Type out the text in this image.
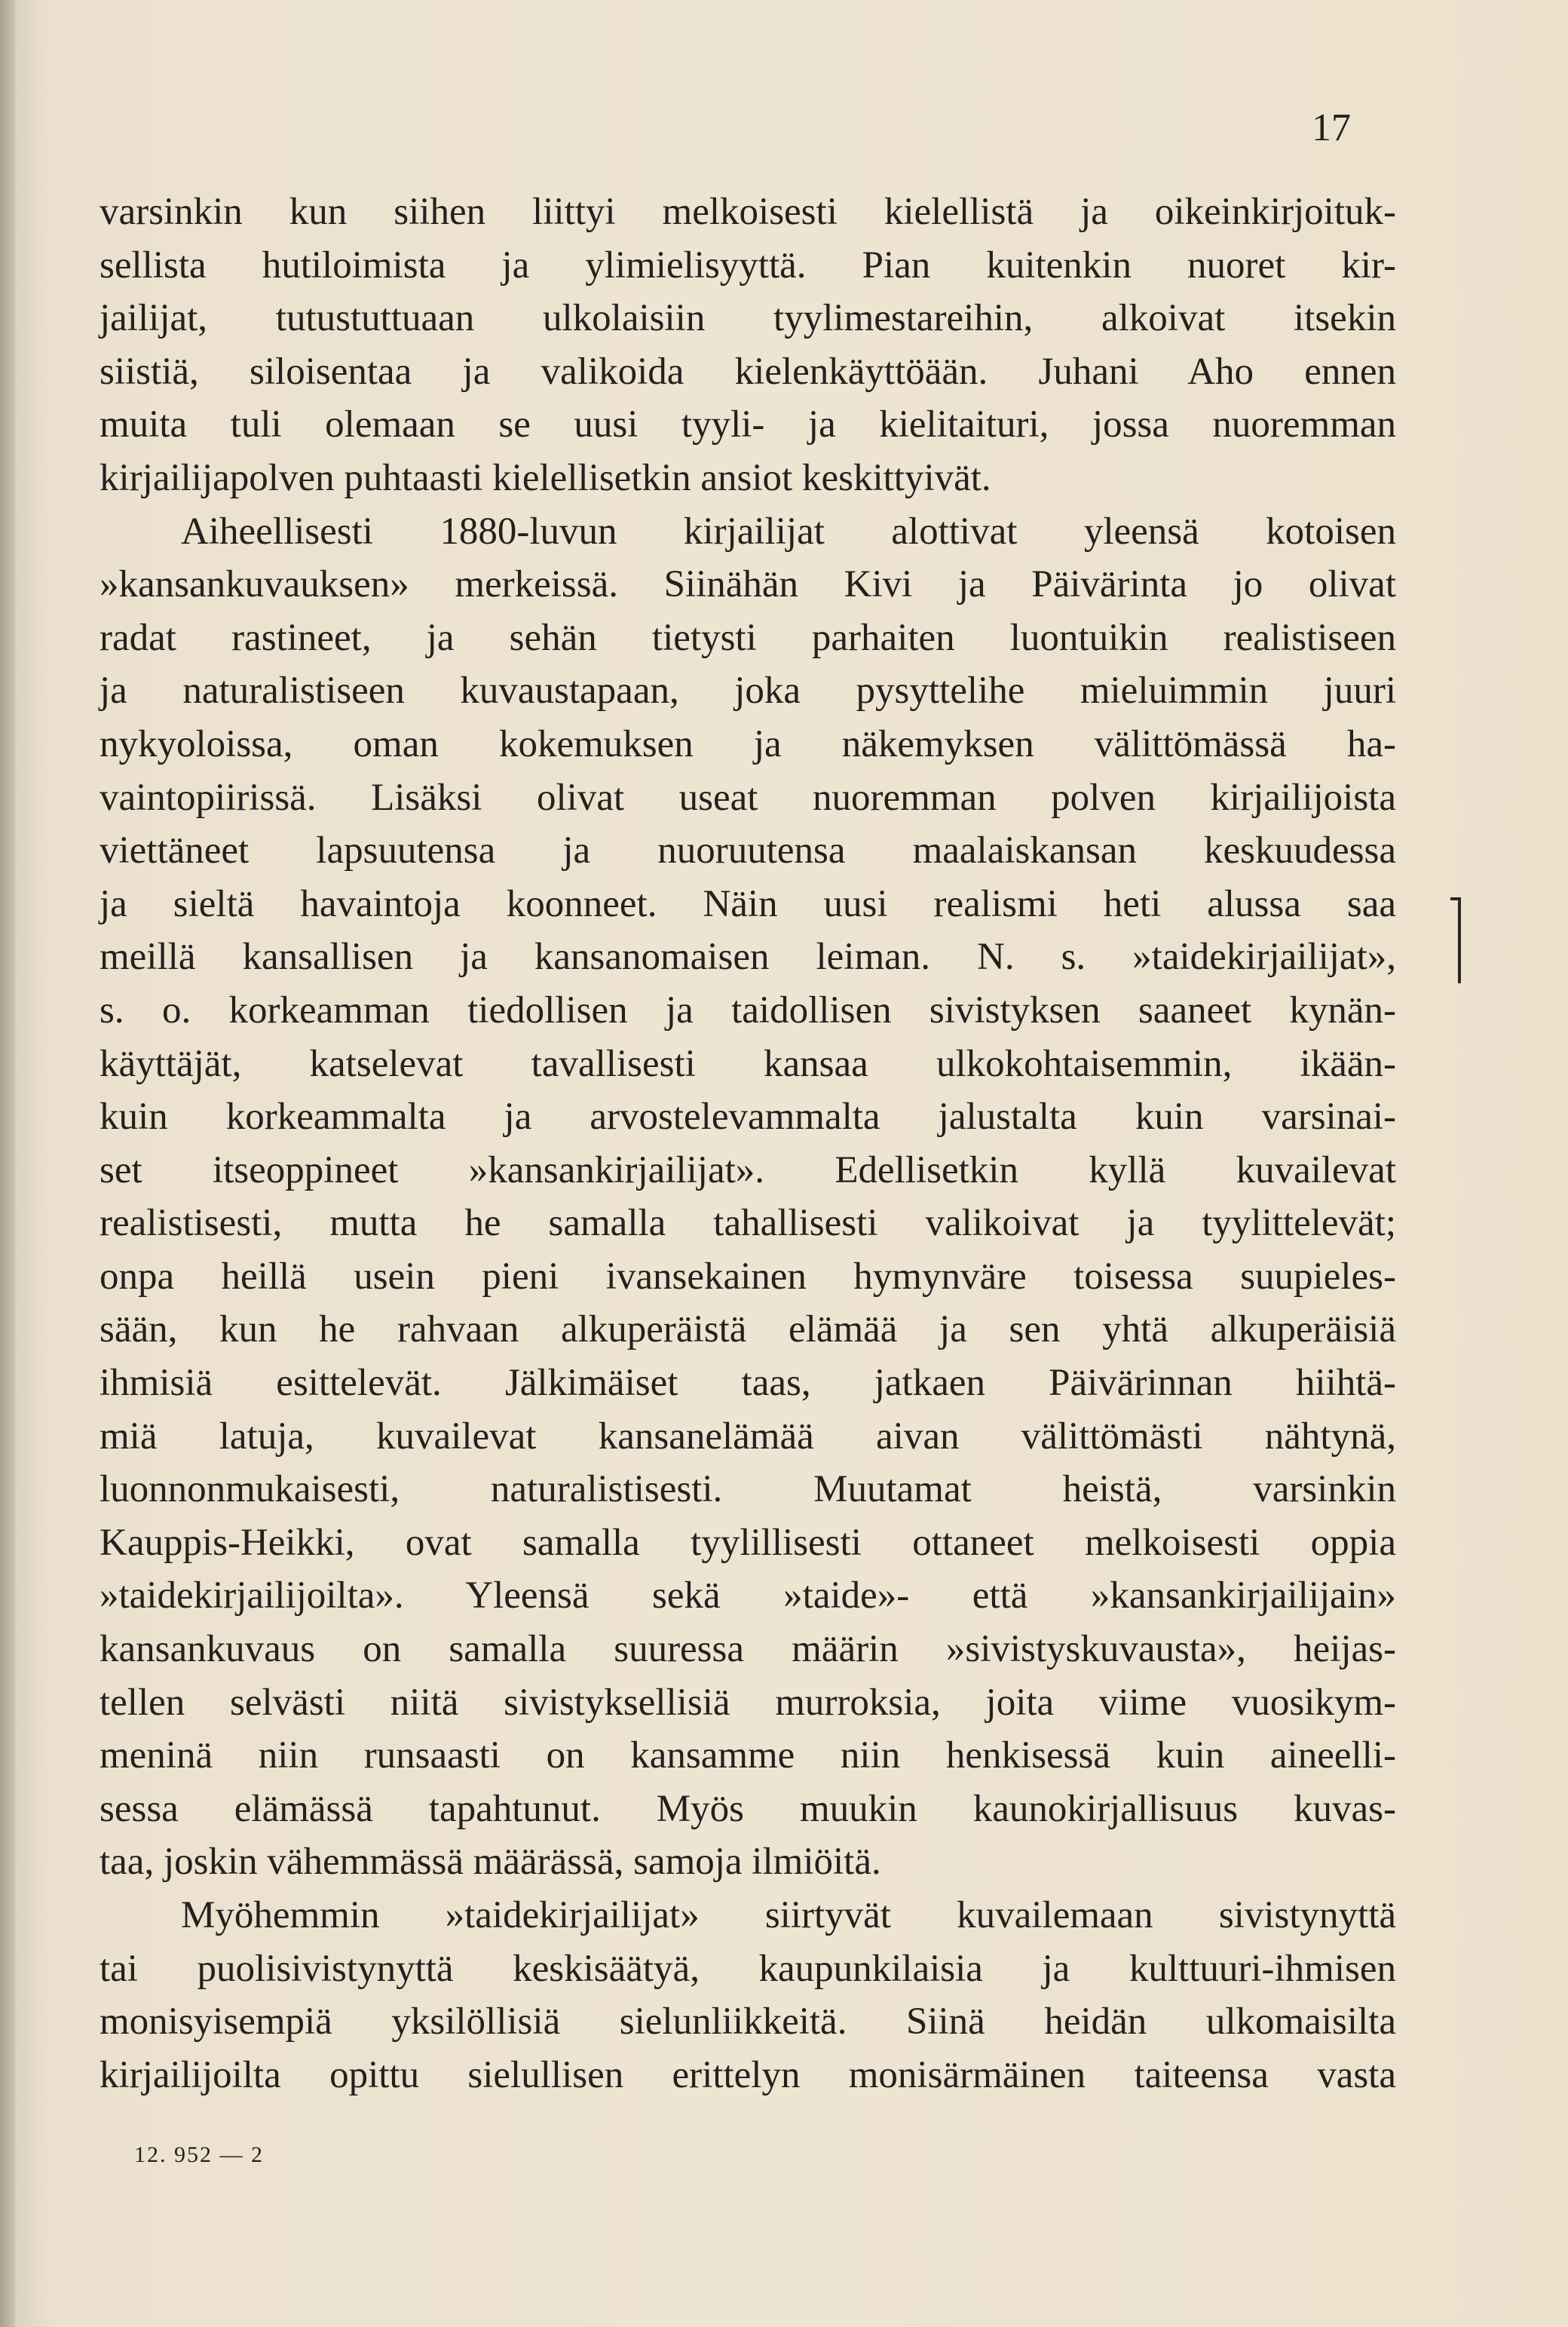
17
varsinkin kun siihen liittyi melkoisesti kielellistä ja oikeinkirjoituk-
sellista hutiloimista ja ylimielisyyttä. Pian kuitenkin nuoret kir-
jailijat, tutustuttuaan ulkolaisiin tyylimestareihin, alkoivat itsekin
siistiä, siloisentaa ja valikoida kielenkäyttöään. Juhani Aho ennen
muita tuli olemaan se uusi tyyli- ja kielitaituri, jossa nuoremman
kirjailijapolven puhtaasti kielellisetkin ansiot keskittyivät.
Aiheellisesti 1880-luvun kirjailijat alottivat yleensä kotoisen
»kansankuvauksen» merkeissä. Siinähän Kivi ja Päivärinta jo olivat
radat rastineet, ja sehän tietysti parhaiten luontuikin realistiseen
ja naturalistiseen kuvaustapaan, joka pysyttelihe mieluimmin juuri
nykyoloissa, oman kokemuksen ja näkemyksen välittömässä ha-
vaintopiirissä. Lisäksi olivat useat nuoremman polven kirjailijoista
viettäneet lapsuutensa ja nuoruutensa maalaiskansan keskuudessa
ja sieltä havaintoja koonneet. Näin uusi realismi heti alussa saa
meillä kansallisen ja kansanomaisen leiman. N. s. »taidekirjailijat»,
s. o. korkeamman tiedollisen ja taidollisen sivistyksen saaneet kynän-
käyttäjät, katselevat tavallisesti kansaa ulkokohtaisemmin, ikään-
kuin korkeammalta ja arvostelevammalta jalustalta kuin varsinai-
set itseoppineet »kansankirjailijat». Edellisetkin kyllä kuvailevat
realistisesti, mutta he samalla tahallisesti valikoivat ja tyylittelevät;
onpa heillä usein pieni ivansekainen hymynväre toisessa suupieles-
sään, kun he rahvaan alkuperäistä elämää ja sen yhtä alkuperäisiä
ihmisiä esittelevät. Jälkimäiset taas, jatkaen Päivärinnan hiihtä-
miä latuja, kuvailevat kansanelämää aivan välittömästi nähtynä,
luonnonmukaisesti, naturalistisesti. Muutamat heistä, varsinkin
Kauppis-Heikki, ovat samalla tyylillisesti ottaneet melkoisesti oppia
»taidekirjailijoilta». Yleensä sekä »taide»- että »kansankirjailijain»
kansankuvaus on samalla suuressa määrin »sivistyskuvausta», heijas-
tellen selvästi niitä sivistyksellisiä murroksia, joita viime vuosikym-
meninä niin runsaasti on kansamme niin henkisessä kuin aineelli-
sessa elämässä tapahtunut. Myös muukin kaunokirjallisuus kuvas-
taa, joskin vähemmässä määrässä, samoja ilmiöitä.
Myöhemmin »taidekirjailijat» siirtyvät kuvailemaan sivistynyttä
tai puolisivistynyttä keskisäätyä, kaupunkilaisia ja kulttuuri-ihmisen
monisyisempiä yksilöllisiä sielunliikkeitä. Siinä heidän ulkomaisilta
kirjailijoilta opittu sielullisen erittelyn monisärmäinen taiteensa vasta
12. 952 — 2
